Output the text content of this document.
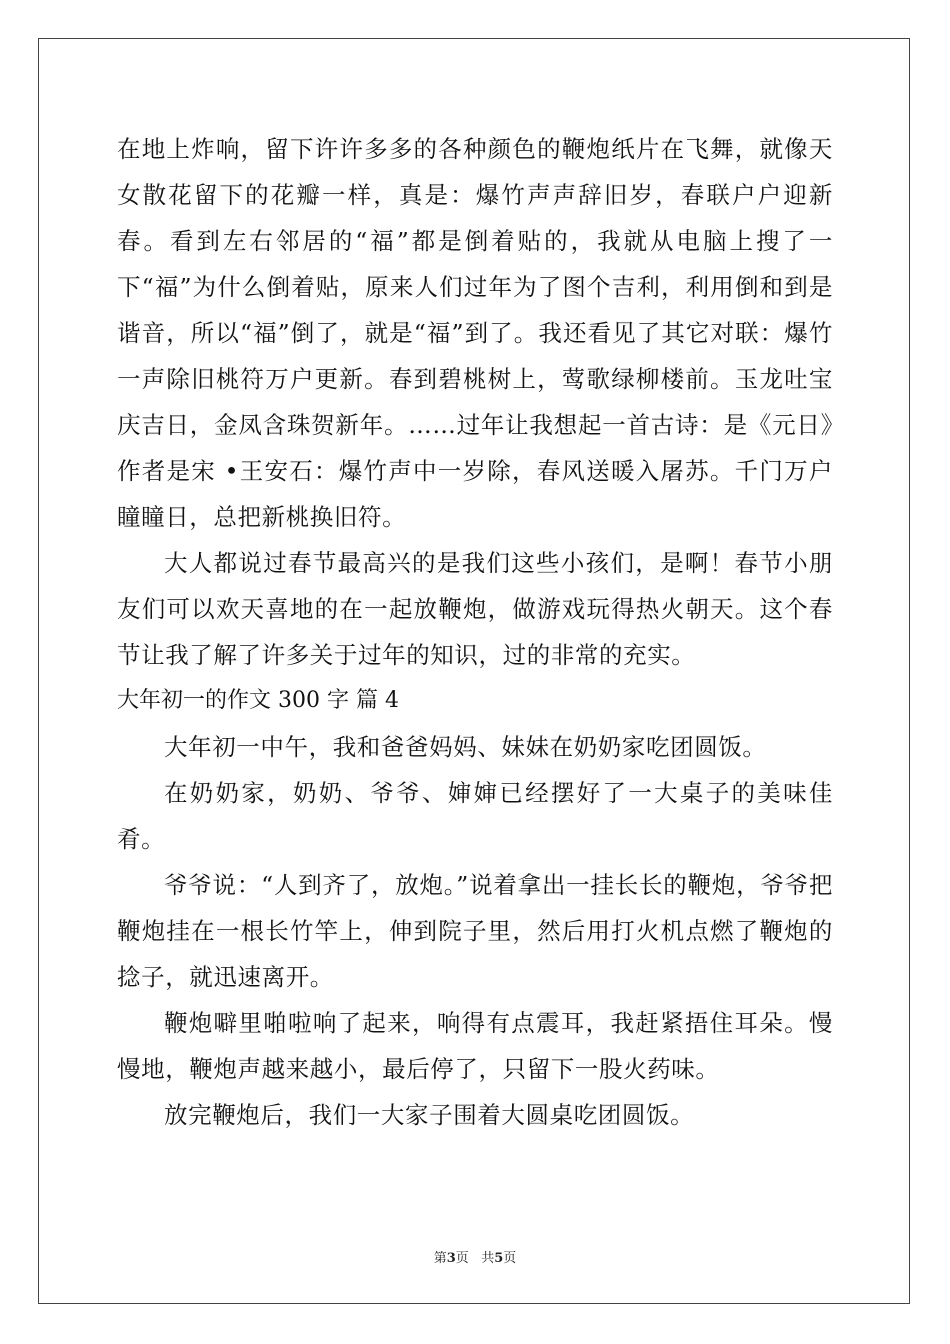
在地上炸响，留下许许多多的各种颜色的鞭炮纸片在飞舞，就像天女散花留下的花瓣一样，真是：爆竹声声辞旧岁，春联户户迎新春。看到左右邻居的“福”都是倒着贴的，我就从电脑上搜了一下“福”为什么倒着贴，原来人们过年为了图个吉利，利用倒和到是谐音，所以“福”倒了，就是“福”到了。我还看见了其它对联：爆竹一声除旧桃符万户更新。春到碧桃树上，莺歌绿柳楼前。玉龙吐宝庆吉日，金凤含珠贺新年。……过年让我想起一首古诗：是《元日》作者是宋 •王安石：爆竹声中一岁除，春风送暖入屠苏。千门万户瞳瞳日，总把新桃换旧符。

大人都说过春节最高兴的是我们这些小孩们，是啊！春节小朋友们可以欢天喜地的在一起放鞭炮，做游戏玩得热火朝天。这个春节让我了解了许多关于过年的知识，过的非常的充实。

大年初一的作文 300 字 篇 4

大年初一中午，我和爸爸妈妈、妹妹在奶奶家吃团圆饭。

在奶奶家，奶奶、爷爷、婶婶已经摆好了一大桌子的美味佳肴。

爷爷说：“人到齐了，放炮。”说着拿出一挂长长的鞭炮，爷爷把鞭炮挂在一根长竹竿上，伸到院子里，然后用打火机点燃了鞭炮的捻子，就迅速离开。

鞭炮噼里啪啦响了起来，响得有点震耳，我赶紧捂住耳朵。慢慢地，鞭炮声越来越小，最后停了，只留下一股火药味。

放完鞭炮后，我们一大家子围着大圆桌吃团圆饭。

第3页 共5页
